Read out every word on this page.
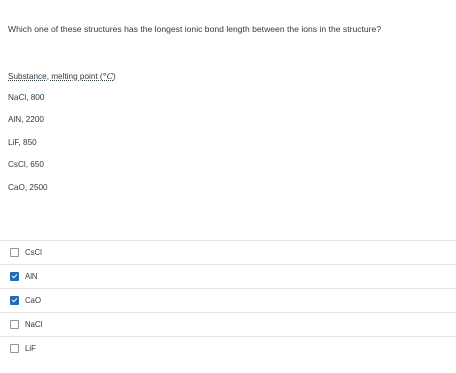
Which one of these structures has the longest ionic bond length between the ions in the structure?
Substance, melting point (°C)
NaCl, 800
AlN, 2200
LiF, 850
CsCl, 650
CaO, 2500
CsCl
AlN
CaO
NaCl
LiF
